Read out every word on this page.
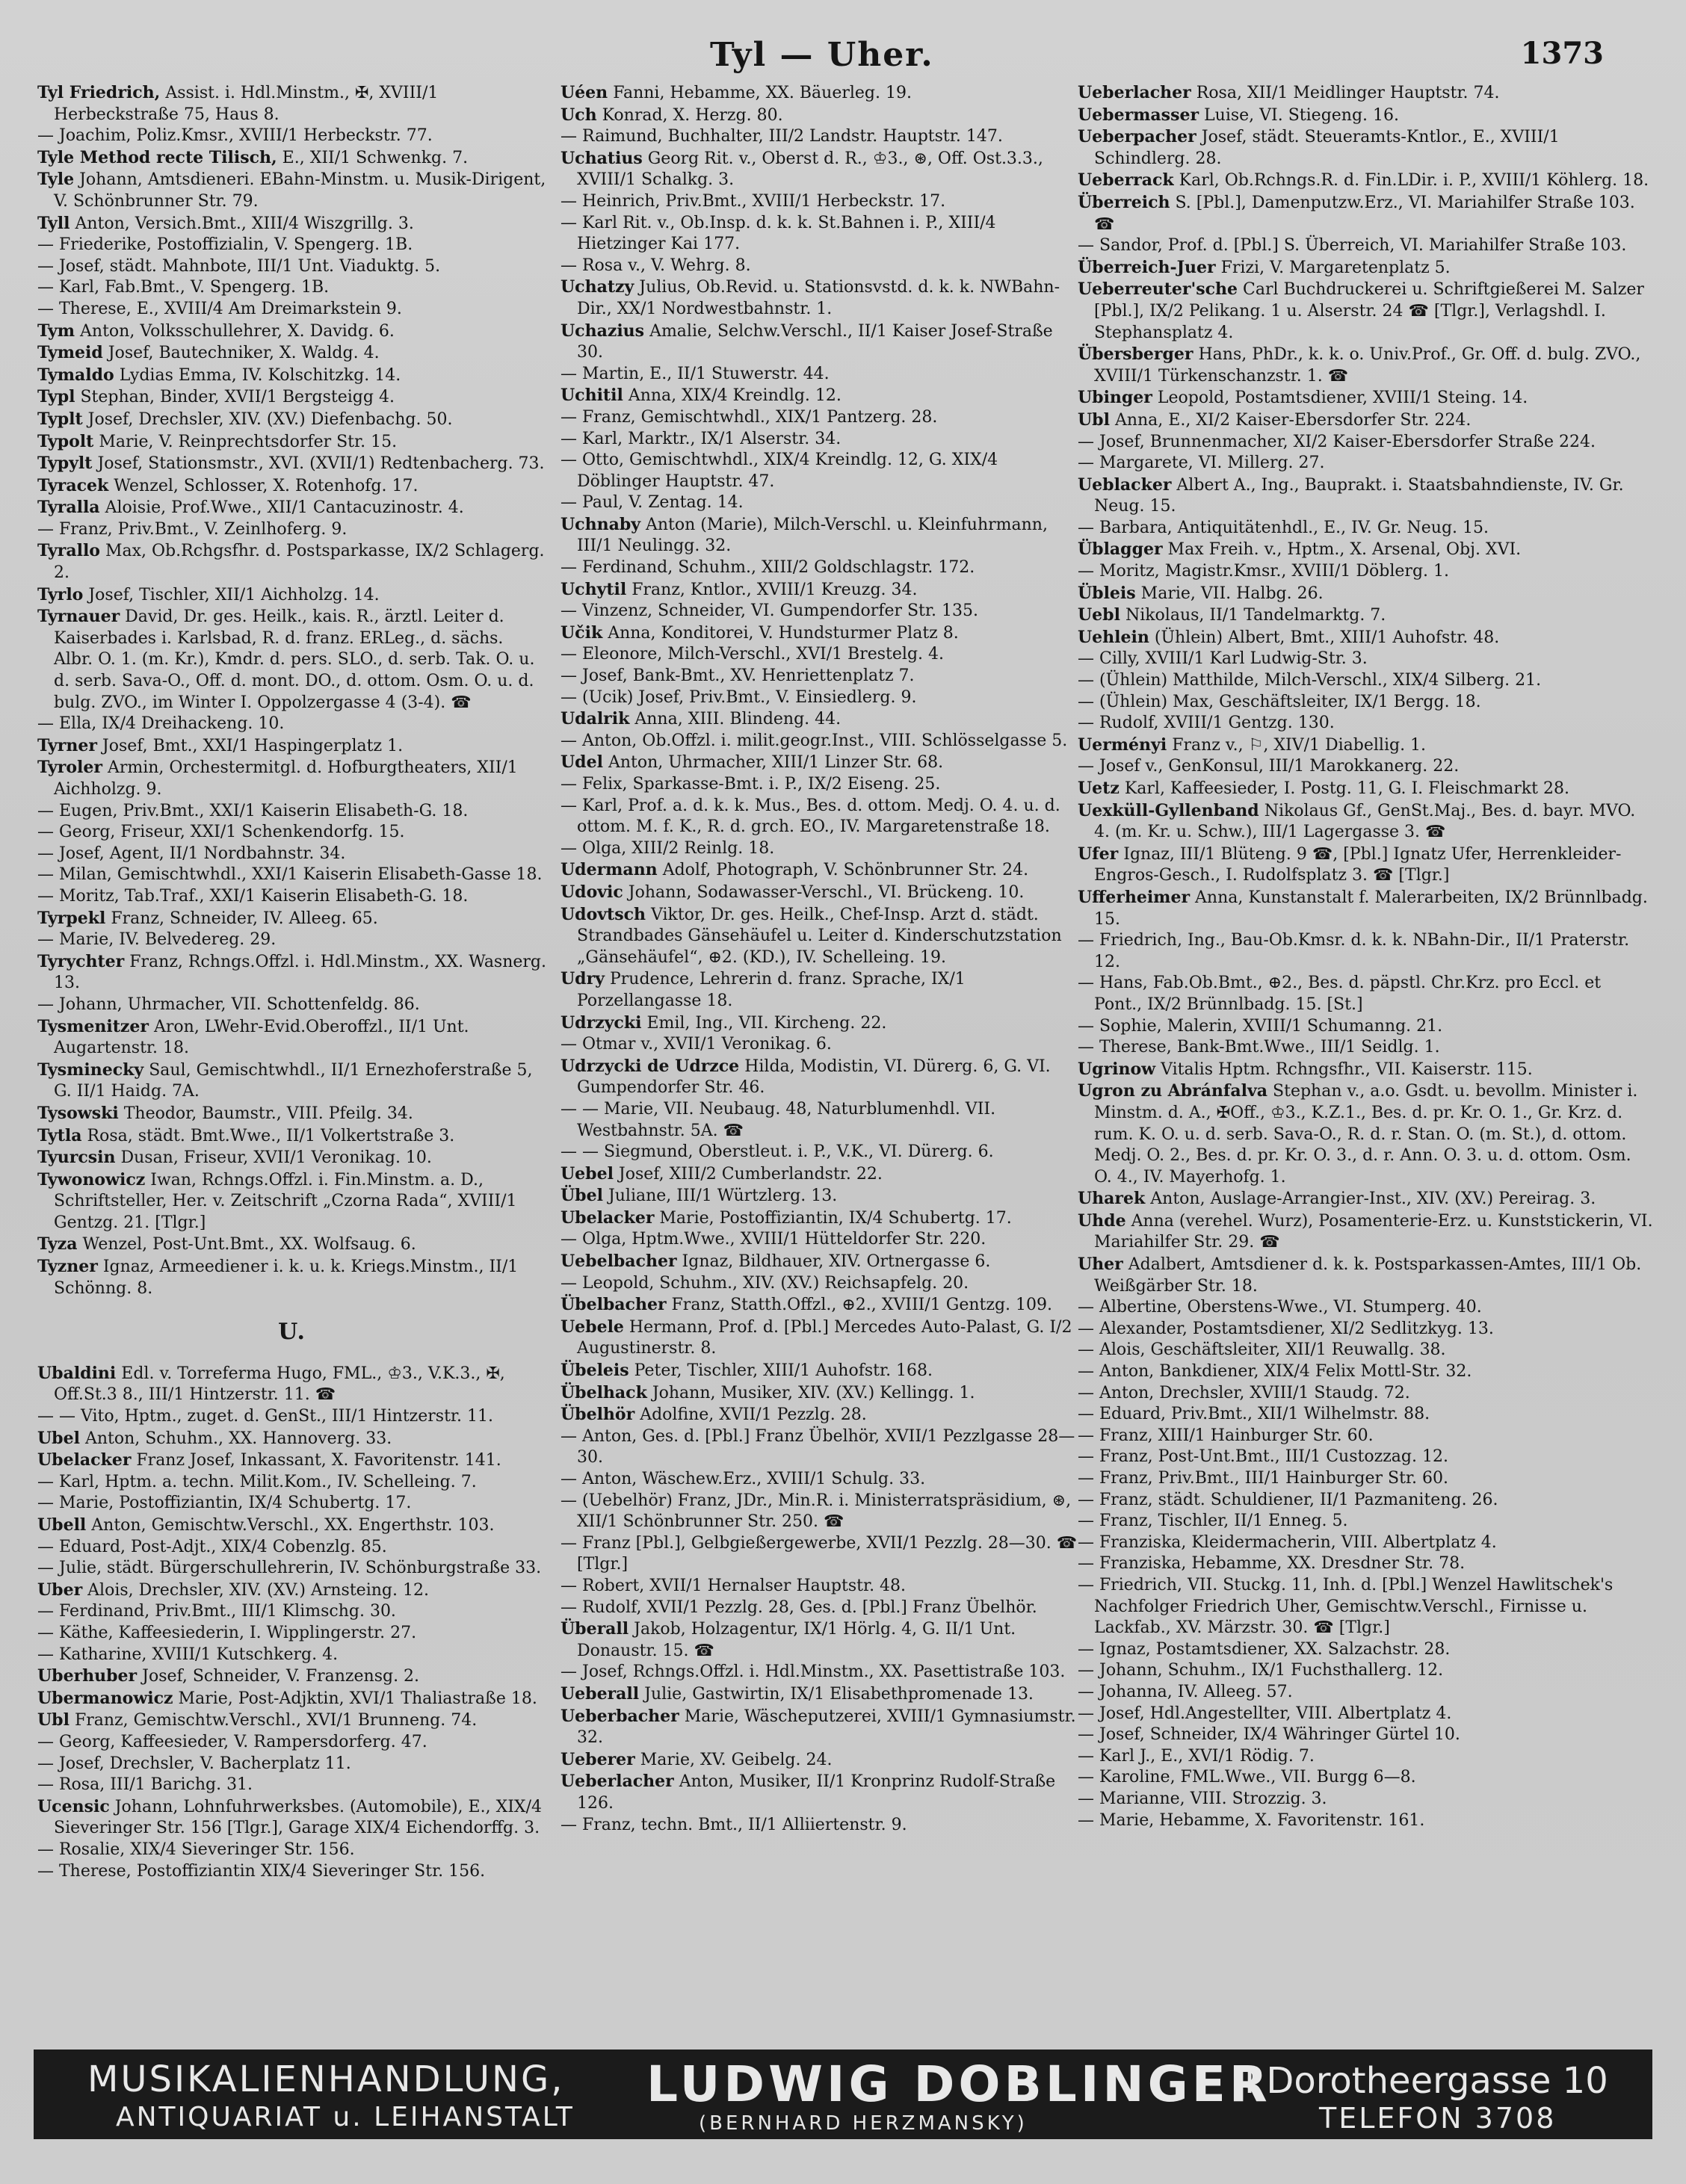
Tyl — Uher.	1373

Tyl Friedrich, Assist. i. Hdl.Minstm., ✠, XVIII/1 Herbeckstraße 75, Haus 8.

— Joachim, Poliz.Kmsr., XVIII/1 Herbeckstr. 77.

Tyle Method recte Tilisch, E., XII/1 Schwenkg. 7.

Tyle Johann, Amtsdieneri. EBahn-Minstm. u. Musik-Dirigent, V. Schönbrunner Str. 79.

Tyll Anton, Versich.Bmt., XIII/4 Wiszgrillg. 3.

— Friederike, Postoffizialin, V. Spengerg. 1B.

— Josef, städt. Mahnbote, III/1 Unt. Viaduktg. 5.

— Karl, Fab.Bmt., V. Spengerg. 1B.

— Therese, E., XVIII/4 Am Dreimarkstein 9.

Tym Anton, Volksschullehrer, X. Davidg. 6.

Tymeid Josef, Bautechniker, X. Waldg. 4.

Tymaldo Lydias Emma, IV. Kolschitzkg. 14.

Typl Stephan, Binder, XVII/1 Bergsteigg 4.

Typlt Josef, Drechsler, XIV. (XV.) Diefenbachg. 50.

Typolt Marie, V. Reinprechtsdorfer Str. 15.

Typylt Josef, Stationsmstr., XVI. (XVII/1) Redtenbacherg. 73.

Tyracek Wenzel, Schlosser, X. Rotenhofg. 17.

Tyralla Aloisie, Prof.Wwe., XII/1 Cantacuzinostr. 4.

— Franz, Priv.Bmt., V. Zeinlhoferg. 9.

Tyrallo Max, Ob.Rchgsfhr. d. Postsparkasse, IX/2 Schlagerg. 2.

Tyrlo Josef, Tischler, XII/1 Aichholzg. 14.

Tyrnauer David, Dr. ges. Heilk., kais. R., ärztl. Leiter d. Kaiserbades i. Karlsbad, R. d. franz. ERLeg., d. sächs. Albr. O. 1. (m. Kr.), Kmdr. d. pers. SLO., d. serb. Tak. O. u. d. serb. Sava-O., Off. d. mont. DO., d. ottom. Osm. O. u. d. bulg. ZVO., im Winter I. Oppolzergasse 4 (3-4). ☎

— Ella, IX/4 Dreihackeng. 10.

Tyrner Josef, Bmt., XXI/1 Haspingerplatz 1.

Tyroler Armin, Orchestermitgl. d. Hofburgtheaters, XII/1 Aichholzg. 9.

— Eugen, Priv.Bmt., XXI/1 Kaiserin Elisabeth-G. 18.

— Georg, Friseur, XXI/1 Schenkendorfg. 15.

— Josef, Agent, II/1 Nordbahnstr. 34.

— Milan, Gemischtwhdl., XXI/1 Kaiserin Elisabeth-Gasse 18.

— Moritz, Tab.Traf., XXI/1 Kaiserin Elisabeth-G. 18.

Tyrpekl Franz, Schneider, IV. Alleeg. 65.

— Marie, IV. Belvedereg. 29.

Tyrychter Franz, Rchngs.Offzl. i. Hdl.Minstm., XX. Wasnerg. 13.

— Johann, Uhrmacher, VII. Schottenfeldg. 86.

Tysmenitzer Aron, LWehr-Evid.Oberoffzl., II/1 Unt. Augartenstr. 18.

Tysminecky Saul, Gemischtwhdl., II/1 Ernezhoferstraße 5, G. II/1 Haidg. 7A.

Tysowski Theodor, Baumstr., VIII. Pfeilg. 34.

Tytla Rosa, städt. Bmt.Wwe., II/1 Volkertstraße 3.

Tyurcsin Dusan, Friseur, XVII/1 Veronikag. 10.

Tywonowicz Iwan, Rchngs.Offzl. i. Fin.Minstm. a. D., Schriftsteller, Her. v. Zeitschrift „Czorna Rada“, XVIII/1 Gentzg. 21. [Tlgr.]

Tyza Wenzel, Post-Unt.Bmt., XX. Wolfsaug. 6.

Tyzner Ignaz, Armeediener i. k. u. k. Kriegs.Minstm., II/1 Schönng. 8.

U.

Ubaldini Edl. v. Torreferma Hugo, FML., ♔3., V.K.3., ✠, Off.St.3 8., III/1 Hintzerstr. 11. ☎

— — Vito, Hptm., zuget. d. GenSt., III/1 Hintzerstr. 11.

Ubel Anton, Schuhm., XX. Hannoverg. 33.

Ubelacker Franz Josef, Inkassant, X. Favoritenstr. 141.

— Karl, Hptm. a. techn. Milit.Kom., IV. Schelleing. 7.

— Marie, Postoffiziantin, IX/4 Schubertg. 17.

Ubell Anton, Gemischtw.Verschl., XX. Engerthstr. 103.

— Eduard, Post-Adjt., XIX/4 Cobenzlg. 85.

— Julie, städt. Bürgerschullehrerin, IV. Schönburgstraße 33.

Uber Alois, Drechsler, XIV. (XV.) Arnsteing. 12.

— Ferdinand, Priv.Bmt., III/1 Klimschg. 30.

— Käthe, Kaffeesiederin, I. Wipplingerstr. 27.

— Katharine, XVIII/1 Kutschkerg. 4.

Uberhuber Josef, Schneider, V. Franzensg. 2.

Ubermanowicz Marie, Post-Adjktin, XVI/1 Thaliastraße 18.

Ubl Franz, Gemischtw.Verschl., XVI/1 Brunneng. 74.

— Georg, Kaffeesieder, V. Rampersdorferg. 47.

— Josef, Drechsler, V. Bacherplatz 11.

— Rosa, III/1 Barichg. 31.

Ucensic Johann, Lohnfuhrwerksbes. (Automobile), E., XIX/4 Sieveringer Str. 156 [Tlgr.], Garage XIX/4 Eichendorffg. 3.

— Rosalie, XIX/4 Sieveringer Str. 156.

— Therese, Postoffiziantin XIX/4 Sieveringer Str. 156.

Uéen Fanni, Hebamme, XX. Bäuerleg. 19.

Uch Konrad, X. Herzg. 80.

— Raimund, Buchhalter, III/2 Landstr. Hauptstr. 147.

Uchatius Georg Rit. v., Oberst d. R., ♔3., ⊛, Off. Ost.3.3., XVIII/1 Schalkg. 3.

— Heinrich, Priv.Bmt., XVIII/1 Herbeckstr. 17.

— Karl Rit. v., Ob.Insp. d. k. k. St.Bahnen i. P., XIII/4 Hietzinger Kai 177.

— Rosa v., V. Wehrg. 8.

Uchatzy Julius, Ob.Revid. u. Stationsvstd. d. k. k. NWBahn-Dir., XX/1 Nordwestbahnstr. 1.

Uchazius Amalie, Selchw.Verschl., II/1 Kaiser Josef-Straße 30.

— Martin, E., II/1 Stuwerstr. 44.

Uchitil Anna, XIX/4 Kreindlg. 12.

— Franz, Gemischtwhdl., XIX/1 Pantzerg. 28.

— Karl, Marktr., IX/1 Alserstr. 34.

— Otto, Gemischtwhdl., XIX/4 Kreindlg. 12, G. XIX/4 Döblinger Hauptstr. 47.

— Paul, V. Zentag. 14.

Uchnaby Anton (Marie), Milch-Verschl. u. Kleinfuhrmann, III/1 Neulingg. 32.

— Ferdinand, Schuhm., XIII/2 Goldschlagstr. 172.

Uchytil Franz, Kntlor., XVIII/1 Kreuzg. 34.

— Vinzenz, Schneider, VI. Gumpendorfer Str. 135.

Učik Anna, Konditorei, V. Hundsturmer Platz 8.

— Eleonore, Milch-Verschl., XVI/1 Brestelg. 4.

— Josef, Bank-Bmt., XV. Henriettenplatz 7.

— (Ucik) Josef, Priv.Bmt., V. Einsiedlerg. 9.

Udalrik Anna, XIII. Blindeng. 44.

— Anton, Ob.Offzl. i. milit.geogr.Inst., VIII. Schlösselgasse 5.

Udel Anton, Uhrmacher, XIII/1 Linzer Str. 68.

— Felix, Sparkasse-Bmt. i. P., IX/2 Eiseng. 25.

— Karl, Prof. a. d. k. k. Mus., Bes. d. ottom. Medj. O. 4. u. d. ottom. M. f. K., R. d. grch. EO., IV. Margaretenstraße 18.

— Olga, XIII/2 Reinlg. 18.

Udermann Adolf, Photograph, V. Schönbrunner Str. 24.

Udovic Johann, Sodawasser-Verschl., VI. Brückeng. 10.

Udovtsch Viktor, Dr. ges. Heilk., Chef-Insp. Arzt d. städt. Strandbades Gänsehäufel u. Leiter d. Kinderschutzstation „Gänsehäufel“, ⊕2. (KD.), IV. Schelleing. 19.

Udry Prudence, Lehrerin d. franz. Sprache, IX/1 Porzellangasse 18.

Udrzycki Emil, Ing., VII. Kircheng. 22.

— Otmar v., XVII/1 Veronikag. 6.

Udrzycki de Udrzce Hilda, Modistin, VI. Dürerg. 6, G. VI. Gumpendorfer Str. 46.

— — Marie, VII. Neubaug. 48, Naturblumenhdl. VII. Westbahnstr. 5A. ☎

— — Siegmund, Oberstleut. i. P., V.K., VI. Dürerg. 6.

Uebel Josef, XIII/2 Cumberlandstr. 22.

Übel Juliane, III/1 Würtzlerg. 13.

Ubelacker Marie, Postoffiziantin, IX/4 Schubertg. 17.

— Olga, Hptm.Wwe., XVIII/1 Hütteldorfer Str. 220.

Uebelbacher Ignaz, Bildhauer, XIV. Ortnergasse 6.

— Leopold, Schuhm., XIV. (XV.) Reichsapfelg. 20.

Übelbacher Franz, Statth.Offzl., ⊕2., XVIII/1 Gentzg. 109.

Uebele Hermann, Prof. d. [Pbl.] Mercedes Auto-Palast, G. I/2 Augustinerstr. 8.

Übeleis Peter, Tischler, XIII/1 Auhofstr. 168.

Übelhack Johann, Musiker, XIV. (XV.) Kellingg. 1.

Übelhör Adolfine, XVII/1 Pezzlg. 28.

— Anton, Ges. d. [Pbl.] Franz Übelhör, XVII/1 Pezzlgasse 28—30.

— Anton, Wäschew.Erz., XVIII/1 Schulg. 33.

— (Uebelhör) Franz, JDr., Min.R. i. Ministerratspräsidium, ⊛, XII/1 Schönbrunner Str. 250. ☎

— Franz [Pbl.], Gelbgießergewerbe, XVII/1 Pezzlg. 28—30. ☎ [Tlgr.]

— Robert, XVII/1 Hernalser Hauptstr. 48.

— Rudolf, XVII/1 Pezzlg. 28, Ges. d. [Pbl.] Franz Übelhör.

Überall Jakob, Holzagentur, IX/1 Hörlg. 4, G. II/1 Unt. Donaustr. 15. ☎

— Josef, Rchngs.Offzl. i. Hdl.Minstm., XX. Pasettistraße 103.

Ueberall Julie, Gastwirtin, IX/1 Elisabethpromenade 13.

Ueberbacher Marie, Wäscheputzerei, XVIII/1 Gymnasiumstr. 32.

Ueberer Marie, XV. Geibelg. 24.

Ueberlacher Anton, Musiker, II/1 Kronprinz Rudolf-Straße 126.

— Franz, techn. Bmt., II/1 Alliiertenstr. 9.

Ueberlacher Rosa, XII/1 Meidlinger Hauptstr. 74.

Uebermasser Luise, VI. Stiegeng. 16.

Ueberpacher Josef, städt. Steueramts-Kntlor., E., XVIII/1 Schindlerg. 28.

Ueberrack Karl, Ob.Rchngs.R. d. Fin.LDir. i. P., XVIII/1 Köhlerg. 18.

Überreich S. [Pbl.], Damenputzw.Erz., VI. Mariahilfer Straße 103. ☎

— Sandor, Prof. d. [Pbl.] S. Überreich, VI. Mariahilfer Straße 103.

Überreich-Juer Frizi, V. Margaretenplatz 5.

Ueberreuter'sche Carl Buchdruckerei u. Schriftgießerei M. Salzer [Pbl.], IX/2 Pelikang. 1 u. Alserstr. 24 ☎ [Tlgr.], Verlagshdl. I. Stephansplatz 4.

Übersberger Hans, PhDr., k. k. o. Univ.Prof., Gr. Off. d. bulg. ZVO., XVIII/1 Türkenschanzstr. 1. ☎

Ubinger Leopold, Postamtsdiener, XVIII/1 Steing. 14.

Ubl Anna, E., XI/2 Kaiser-Ebersdorfer Str. 224.

— Josef, Brunnenmacher, XI/2 Kaiser-Ebersdorfer Straße 224.

— Margarete, VI. Millerg. 27.

Ueblacker Albert A., Ing., Bauprakt. i. Staatsbahndienste, IV. Gr. Neug. 15.

— Barbara, Antiquitätenhdl., E., IV. Gr. Neug. 15.

Üblagger Max Freih. v., Hptm., X. Arsenal, Obj. XVI.

— Moritz, Magistr.Kmsr., XVIII/1 Döblerg. 1.

Übleis Marie, VII. Halbg. 26.

Uebl Nikolaus, II/1 Tandelmarktg. 7.

Uehlein (Ühlein) Albert, Bmt., XIII/1 Auhofstr. 48.

— Cilly, XVIII/1 Karl Ludwig-Str. 3.

— (Ühlein) Matthilde, Milch-Verschl., XIX/4 Silberg. 21.

— (Ühlein) Max, Geschäftsleiter, IX/1 Bergg. 18.

— Rudolf, XVIII/1 Gentzg. 130.

Uerményi Franz v., ⚐, XIV/1 Diabellig. 1.

— Josef v., GenKonsul, III/1 Marokkanerg. 22.

Uetz Karl, Kaffeesieder, I. Postg. 11, G. I. Fleischmarkt 28.

Uexküll-Gyllenband Nikolaus Gf., GenSt.Maj., Bes. d. bayr. MVO. 4. (m. Kr. u. Schw.), III/1 Lagergasse 3. ☎

Ufer Ignaz, III/1 Blüteng. 9 ☎, [Pbl.] Ignatz Ufer, Herrenkleider-Engros-Gesch., I. Rudolfsplatz 3. ☎ [Tlgr.]

Ufferheimer Anna, Kunstanstalt f. Malerarbeiten, IX/2 Brünnlbadg. 15.

— Friedrich, Ing., Bau-Ob.Kmsr. d. k. k. NBahn-Dir., II/1 Praterstr. 12.

— Hans, Fab.Ob.Bmt., ⊕2., Bes. d. päpstl. Chr.Krz. pro Eccl. et Pont., IX/2 Brünnlbadg. 15. [St.]

— Sophie, Malerin, XVIII/1 Schumanng. 21.

— Therese, Bank-Bmt.Wwe., III/1 Seidlg. 1.

Ugrinow Vitalis Hptm. Rchngsfhr., VII. Kaiserstr. 115.

Ugron zu Abránfalva Stephan v., a.o. Gsdt. u. bevollm. Minister i. Minstm. d. A., ✠Off., ♔3., K.Z.1., Bes. d. pr. Kr. O. 1., Gr. Krz. d. rum. K. O. u. d. serb. Sava-O., R. d. r. Stan. O. (m. St.), d. ottom. Medj. O. 2., Bes. d. pr. Kr. O. 3., d. r. Ann. O. 3. u. d. ottom. Osm. O. 4., IV. Mayerhofg. 1.

Uharek Anton, Auslage-Arrangier-Inst., XIV. (XV.) Pereirag. 3.

Uhde Anna (verehel. Wurz), Posamenterie-Erz. u. Kunststickerin, VI. Mariahilfer Str. 29. ☎

Uher Adalbert, Amtsdiener d. k. k. Postsparkassen-Amtes, III/1 Ob. Weißgärber Str. 18.

— Albertine, Oberstens-Wwe., VI. Stumperg. 40.

— Alexander, Postamtsdiener, XI/2 Sedlitzkyg. 13.

— Alois, Geschäftsleiter, XII/1 Reuwallg. 38.

— Anton, Bankdiener, XIX/4 Felix Mottl-Str. 32.

— Anton, Drechsler, XVIII/1 Staudg. 72.

— Eduard, Priv.Bmt., XII/1 Wilhelmstr. 88.

— Franz, XIII/1 Hainburger Str. 60.

— Franz, Post-Unt.Bmt., III/1 Custozzag. 12.

— Franz, Priv.Bmt., III/1 Hainburger Str. 60.

— Franz, städt. Schuldiener, II/1 Pazmaniteng. 26.

— Franz, Tischler, II/1 Enneg. 5.

— Franziska, Kleidermacherin, VIII. Albertplatz 4.

— Franziska, Hebamme, XX. Dresdner Str. 78.

— Friedrich, VII. Stuckg. 11, Inh. d. [Pbl.] Wenzel Hawlitschek's Nachfolger Friedrich Uher, Gemischtw.Verschl., Firnisse u. Lackfab., XV. Märzstr. 30. ☎ [Tlgr.]

— Ignaz, Postamtsdiener, XX. Salzachstr. 28.

— Johann, Schuhm., IX/1 Fuchsthallerg. 12.

— Johanna, IV. Alleeg. 57.

— Josef, Hdl.Angestellter, VIII. Albertplatz 4.

— Josef, Schneider, IX/4 Währinger Gürtel 10.

— Karl J., E., XVI/1 Rödig. 7.

— Karoline, FML.Wwe., VII. Burgg 6—8.

— Marianne, VIII. Strozzig. 3.

— Marie, Hebamme, X. Favoritenstr. 161.

MUSIKALIENHANDLUNG,
ANTIQUARIAT u. LEIHANSTALT
LUDWIG DOBLINGER
(BERNHARD HERZMANSKY)
I Dorotheergasse 10
TELEFON 3708
